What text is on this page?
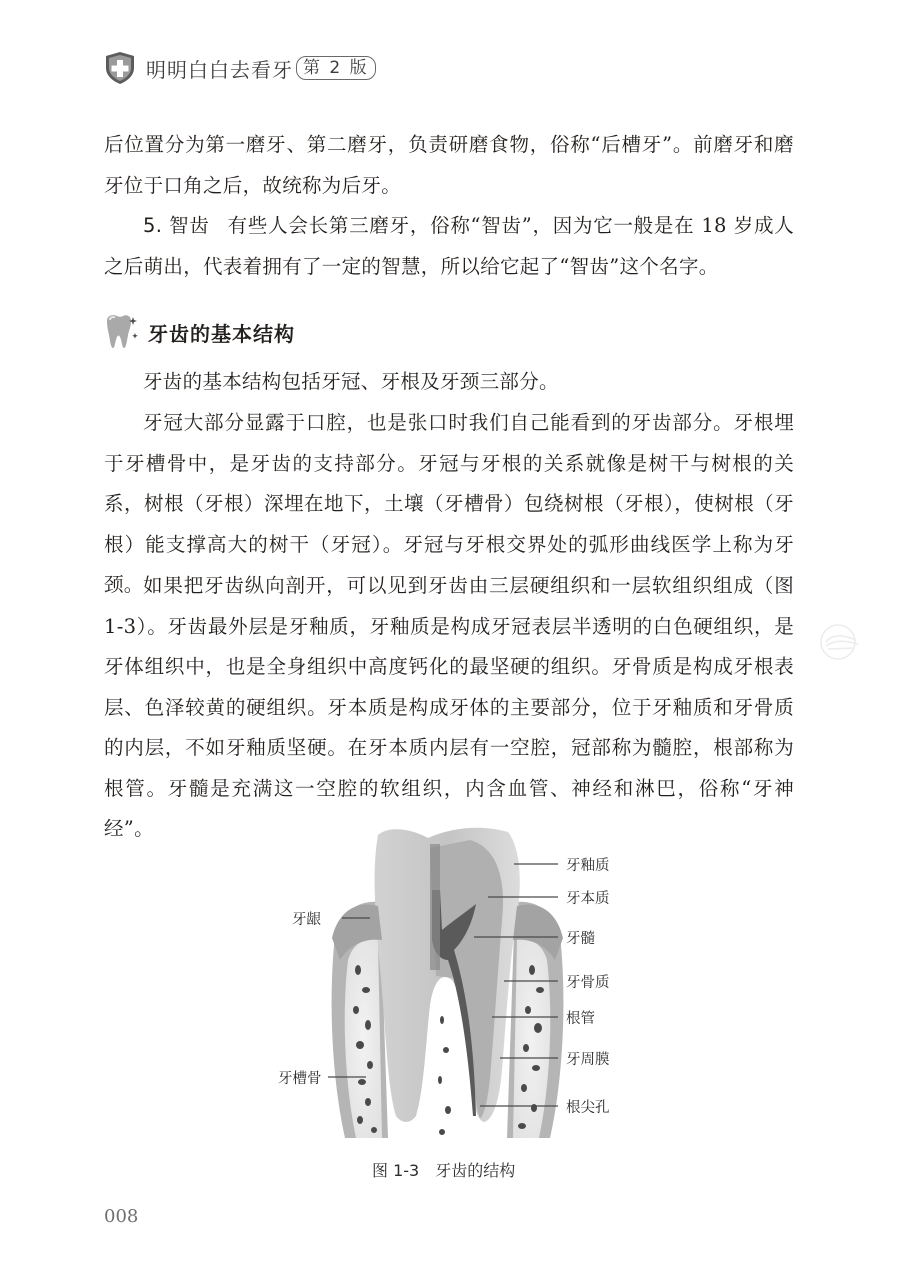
明明白白去看牙 第 2 版
后位置分为第一磨牙、第二磨牙，负责研磨食物，俗称“后槽牙”。前磨牙和磨牙位于口角之后，故统称为后牙。
5. 智齿 有些人会长第三磨牙，俗称“智齿”，因为它一般是在 18 岁成人之后萌出，代表着拥有了一定的智慧，所以给它起了“智齿”这个名字。
牙齿的基本结构
牙齿的基本结构包括牙冠、牙根及牙颈三部分。
牙冠大部分显露于口腔，也是张口时我们自己能看到的牙齿部分。牙根埋于牙槽骨中，是牙齿的支持部分。牙冠与牙根的关系就像是树干与树根的关系，树根（牙根）深埋在地下，土壤（牙槽骨）包绕树根（牙根），使树根（牙根）能支撑高大的树干（牙冠）。牙冠与牙根交界处的弧形曲线医学上称为牙颈。 如果把牙齿纵向剖开，可以见到牙齿由三层硬组织和一层软组织组成（图 1-3）。牙齿最外层是牙釉质，牙釉质是构成牙冠表层半透明的白色硬组织，是牙体组织中，也是全身组织中高度钙化的最坚硬的组织。牙骨质是构成牙根表层、色泽较黄的硬组织。牙本质是构成牙体的主要部分，位于牙釉质和牙骨质的内层，不如牙釉质坚硬。在牙本质内层有一空腔，冠部称为髓腔，根部称为根管。牙髓是充满这一空腔的软组织，内含血管、神经和淋巴，俗称“牙神经”。
牙龈
牙槽骨
牙釉质
牙本质
牙髓
牙骨质
根管
牙周膜
根尖孔
图 1-3 牙齿的结构
008
